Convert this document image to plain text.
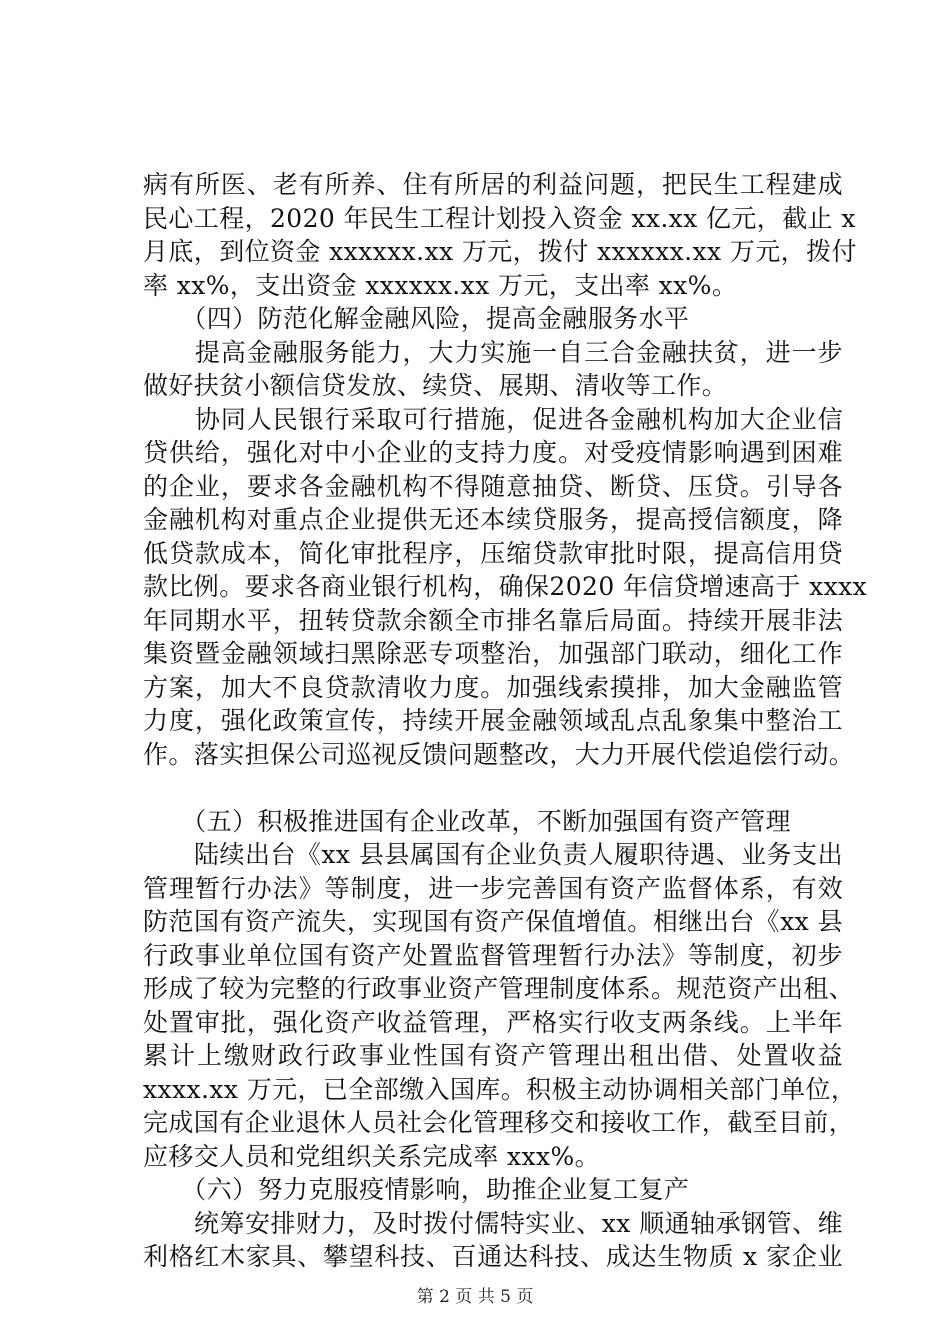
病有所医、老有所养、住有所居的利益问题，把民生工程建成
民心工程，2020 年民生工程计划投入资金 xx.xx 亿元，截止 x
月底，到位资金 xxxxxx.xx 万元，拨付 xxxxxx.xx 万元，拨付
率 xx%，支出资金 xxxxxx.xx 万元，支出率 xx%。
　　（四）防范化解金融风险，提高金融服务水平
　　提高金融服务能力，大力实施一自三合金融扶贫，进一步
做好扶贫小额信贷发放、续贷、展期、清收等工作。
　　协同人民银行采取可行措施，促进各金融机构加大企业信
贷供给，强化对中小企业的支持力度。对受疫情影响遇到困难
的企业，要求各金融机构不得随意抽贷、断贷、压贷。引导各
金融机构对重点企业提供无还本续贷服务，提高授信额度，降
低贷款成本，简化审批程序，压缩贷款审批时限，提高信用贷
款比例。要求各商业银行机构，确保2020 年信贷增速高于 xxxx
年同期水平，扭转贷款余额全市排名靠后局面。持续开展非法
集资暨金融领域扫黑除恶专项整治，加强部门联动，细化工作
方案，加大不良贷款清收力度。加强线索摸排，加大金融监管
力度，强化政策宣传，持续开展金融领域乱点乱象集中整治工
作。落实担保公司巡视反馈问题整改，大力开展代偿追偿行动。
　　（五）积极推进国有企业改革，不断加强国有资产管理
　　陆续出台《xx 县县属国有企业负责人履职待遇、业务支出
管理暂行办法》等制度，进一步完善国有资产监督体系，有效
防范国有资产流失，实现国有资产保值增值。相继出台《xx 县
行政事业单位国有资产处置监督管理暂行办法》等制度，初步
形成了较为完整的行政事业资产管理制度体系。规范资产出租、
处置审批，强化资产收益管理，严格实行收支两条线。上半年
累计上缴财政行政事业性国有资产管理出租出借、处置收益
xxxx.xx 万元，已全部缴入国库。积极主动协调相关部门单位，
完成国有企业退休人员社会化管理移交和接收工作，截至目前，
应移交人员和党组织关系完成率 xxx%。
　　（六）努力克服疫情影响，助推企业复工复产
　　统筹安排财力，及时拨付儒特实业、xx 顺通轴承钢管、维
利格红木家具、攀望科技、百通达科技、成达生物质 x 家企业
第 2 页 共 5 页
